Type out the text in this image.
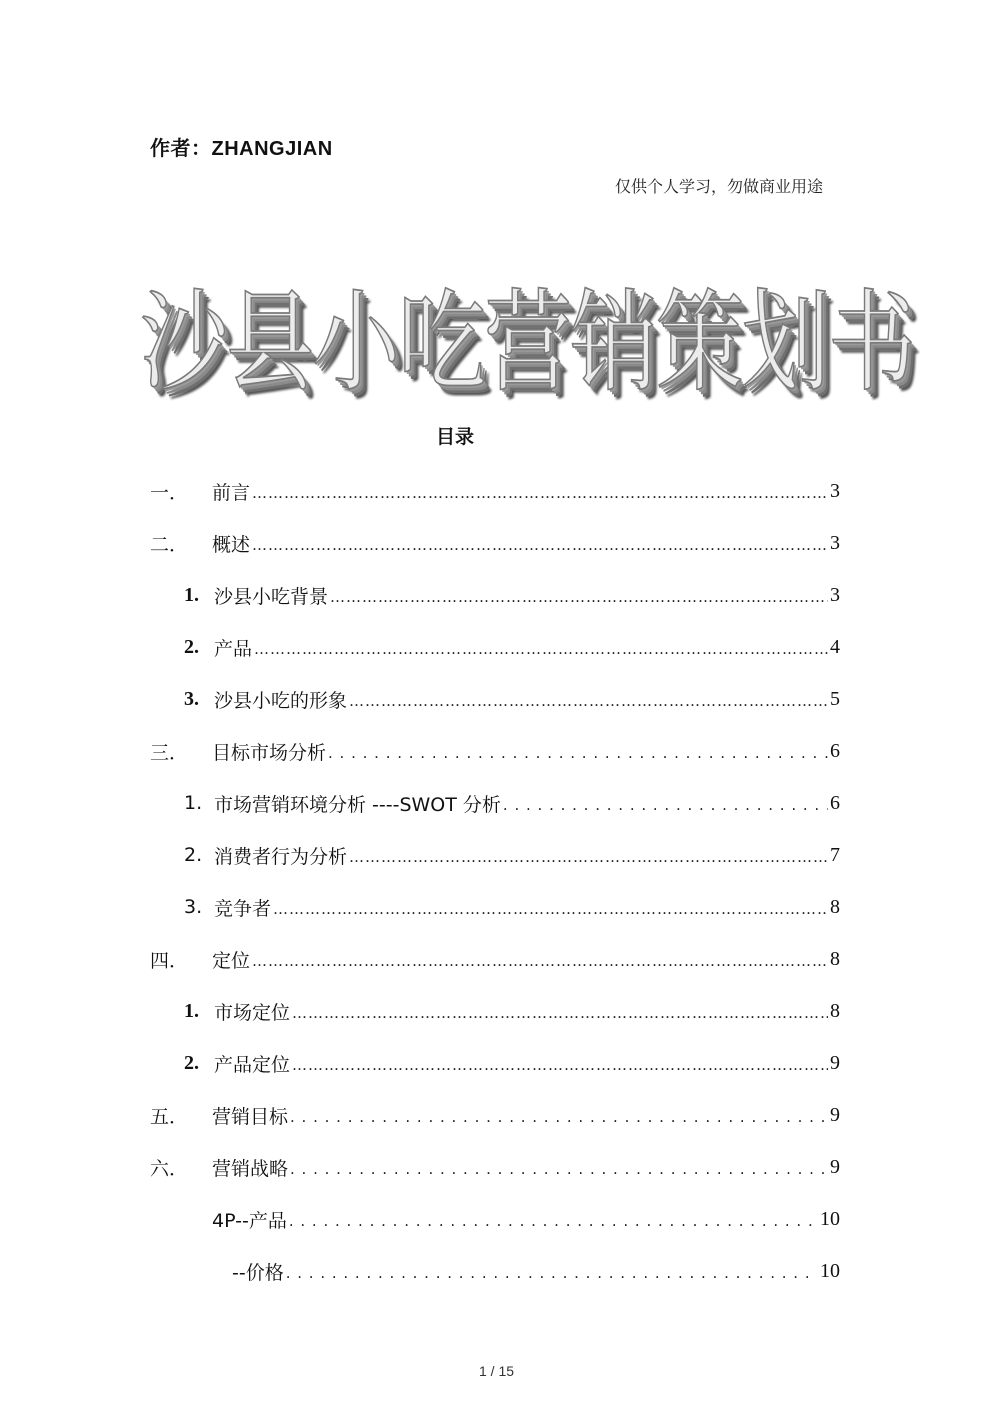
作者：ZHANGJIAN
仅供个人学习，勿做商业用途
沙县小吃营销策划书
目录
一．	前言 …………………………………………………………………………………………………………………………………………	3
二．	概述 …………………………………………………………………………………………………………………………………………	3
1. 沙县小吃背景 …………………………………………………………………………………………………………………………………………	3
2. 产品 …………………………………………………………………………………………………………………………………………	4
3. 沙县小吃的形象 …………………………………………………………………………………………………………………………………………	5
三．	目标市场分析 . . .	6
1. 市场营销环境分析 ----SWOT 分析 . . .	6
2. 消费者行为分析 …………………………………………………………………………………………………………………………………………	7
3. 竞争者 …………………………………………………………………………………………………………………………………………	8
四．	定位 …………………………………………………………………………………………………………………………………………	8
1. 市场定位 …………………………………………………………………………………………………………………………………………	8
2. 产品定位 …………………………………………………………………………………………………………………………………………	9
五．	营销目标 . . .	9
六．	营销战略 . . .	9
4P--产品 . . .	10
--价格 . . .	10
1 / 15
